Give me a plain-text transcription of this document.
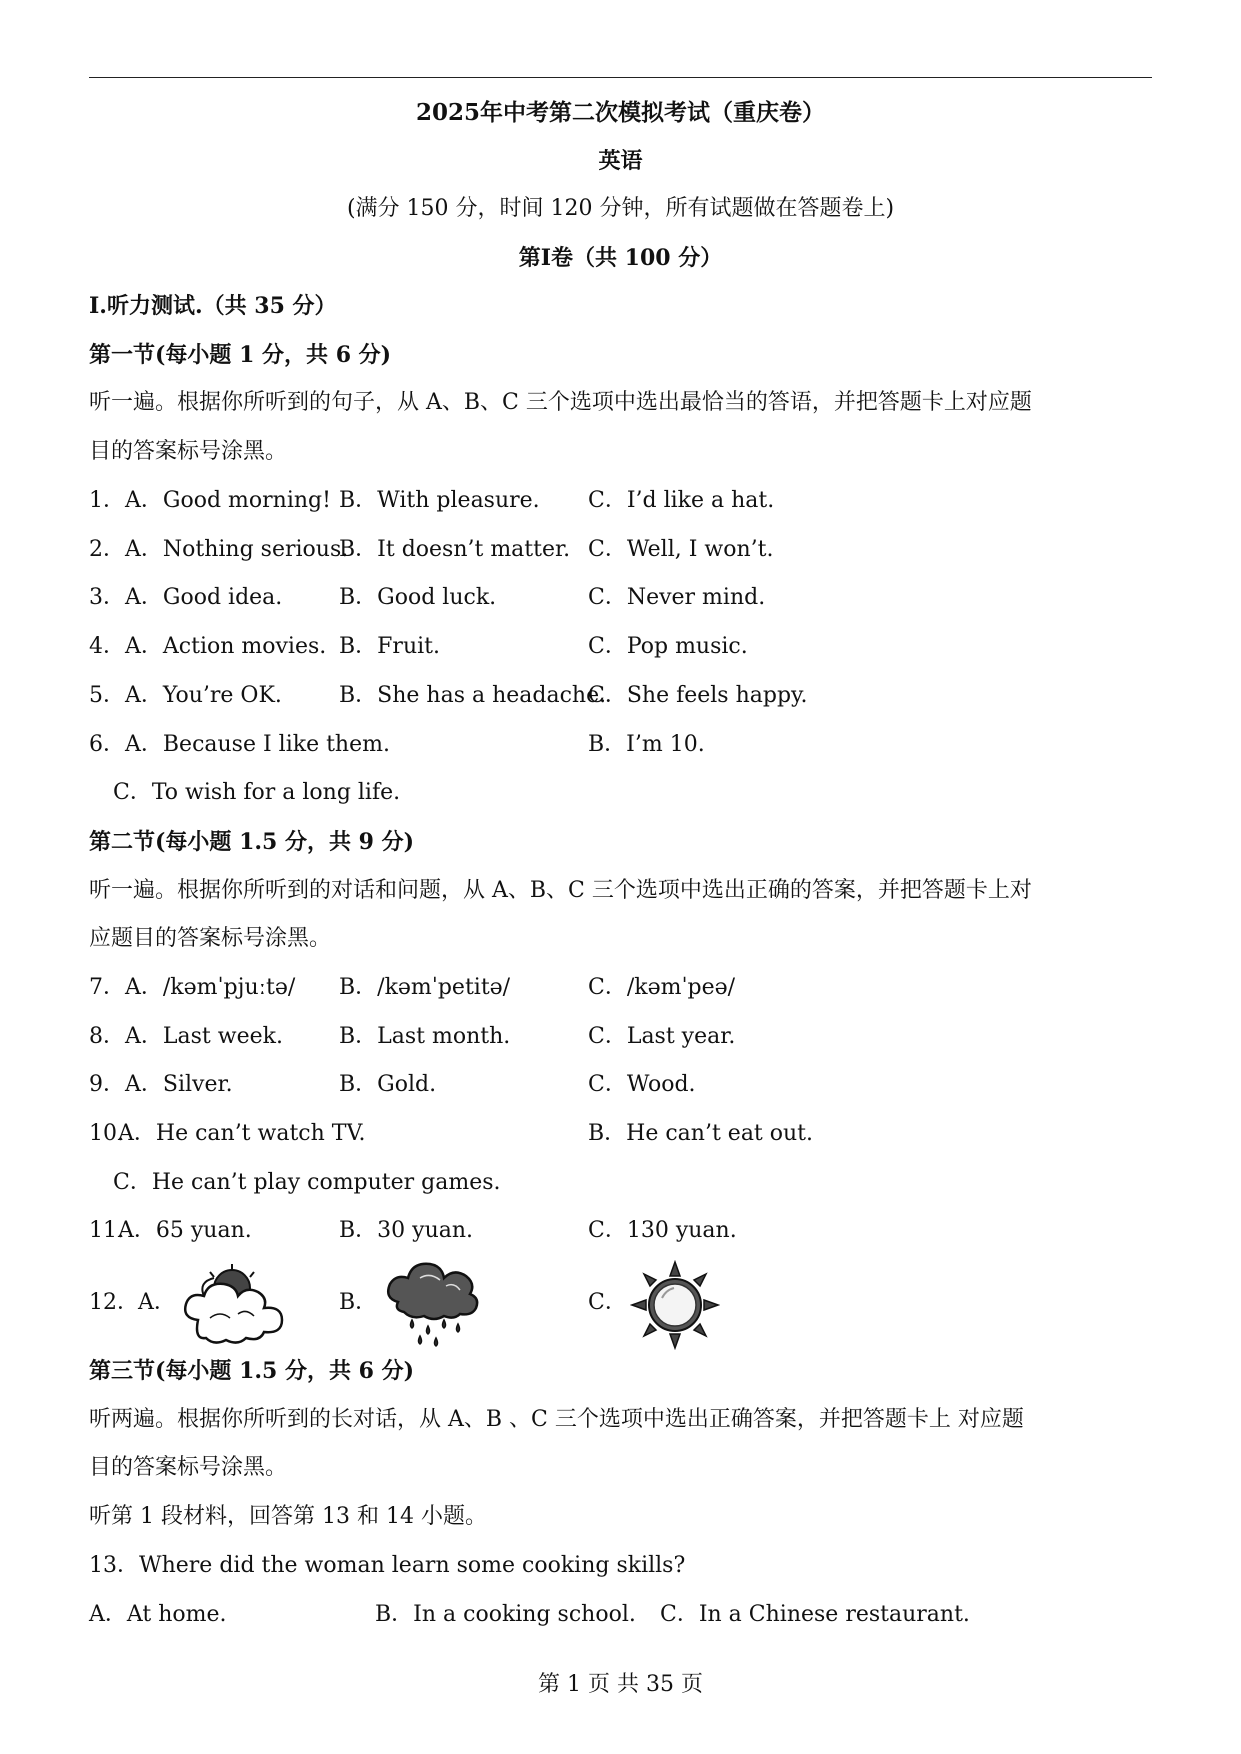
2025年中考第二次模拟考试（重庆卷）
英语
(满分 150 分，时间 120 分钟，所有试题做在答题卷上)
第Ⅰ卷（共 100 分）
Ⅰ.听力测试.（共 35 分）
第一节(每小题 1 分，共 6 分)
听一遍。根据你所听到的句子，从 A、B、C 三个选项中选出最恰当的答语，并把答题卡上对应题
目的答案标号涂黑。
1． A．Good morning! B．With pleasure. C．I’d like a hat.
2． A．Nothing serious.
B．It doesn’t matter. C．Well, I won’t.
3． A．Good idea.	B．Good luck.	C．Never mind.
4． A．Action movies. B．Fruit.	C．Pop music.
5． A．You’re OK.	B．She has a headache.
C．She feels happy.
6． A．Because I like them.	B．I’m 10.
C．To wish for a long life.
第二节(每小题 1.5 分，共 9 分)
听一遍。根据你所听到的对话和问题，从 A、B、C 三个选项中选出正确的答案，并把答题卡上对
应题目的答案标号涂黑。
7． A．/kəmˈpjuːtə/ B．/kəmˈpetitə/	C．/kəmˈpeə/
8． A．Last week.	B．Last month.	C．Last year.
9． A．Silver.	B．Gold.	C．Wood.
10.
A．He can’t watch TV.	B．He can’t eat out.
C．He can’t play computer games.
11.
A．65 yuan.	B．30 yuan.	C．130 yuan.
12． A．	B．	C．
第三节(每小题 1.5 分，共 6 分)
听两遍。根据你所听到的长对话，从 A、B 、C 三个选项中选出正确答案，并把答题卡上 对应题
目的答案标号涂黑。
听第 1 段材料，回答第 13 和 14 小题。
13．Where did the woman learn some cooking skills?
A．At home.	B．In a cooking school. C．In a Chinese restaurant.
第 1 页 共 35 页
